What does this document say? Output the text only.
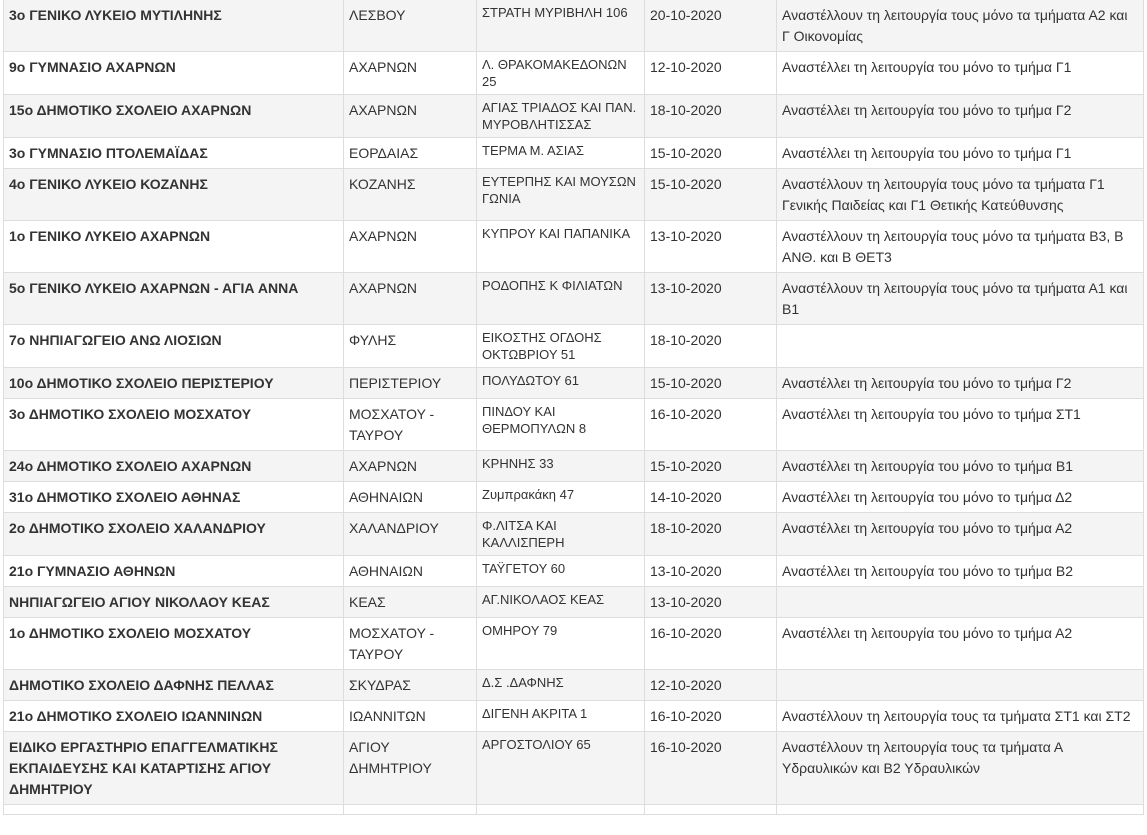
3ο ΓΕΝΙΚΟ ΛΥΚΕΙΟ ΜΥΤΙΛΗΝΗΣ	ΛΕΣΒΟΥ	ΣΤΡΑΤΗ ΜΥΡΙΒΗΛΗ 106	20-10-2020	Αναστέλλουν τη λειτουργία τους μόνο τα τμήματα Α2 και Γ Οικονομίας
9ο ΓΥΜΝΑΣΙΟ ΑΧΑΡΝΩΝ	ΑΧΑΡΝΩΝ	Λ. ΘΡΑΚΟΜΑΚΕΔΟΝΩΝ 25	12-10-2020	Αναστέλλει τη λειτουργία του μόνο το τμήμα Γ1
15ο ΔΗΜΟΤΙΚΟ ΣΧΟΛΕΙΟ ΑΧΑΡΝΩΝ	ΑΧΑΡΝΩΝ	ΑΓΙΑΣ ΤΡΙΑΔΟΣ ΚΑΙ ΠΑΝ. ΜΥΡΟΒΛΗΤΙΣΣΑΣ	18-10-2020	Αναστέλλει τη λειτουργία του μόνο το τμήμα Γ2
3ο ΓΥΜΝΑΣΙΟ ΠΤΟΛΕΜΑΪΔΑΣ	ΕΟΡΔΑΙΑΣ	ΤΕΡΜΑ Μ. ΑΣΙΑΣ	15-10-2020	Αναστέλλει τη λειτουργία του μόνο το τμήμα Γ1
4ο ΓΕΝΙΚΟ ΛΥΚΕΙΟ ΚΟΖΑΝΗΣ	ΚΟΖΑΝΗΣ	ΕΥΤΕΡΠΗΣ ΚΑΙ ΜΟΥΣΩΝ ΓΩΝΙΑ	15-10-2020	Αναστέλλουν τη λειτουργία τους μόνο τα τμήματα Γ1 Γενικής Παιδείας και Γ1 Θετικής Κατεύθυνσης
1ο ΓΕΝΙΚΟ ΛΥΚΕΙΟ ΑΧΑΡΝΩΝ	ΑΧΑΡΝΩΝ	ΚΥΠΡΟΥ ΚΑΙ ΠΑΠΑΝΙΚΑ	13-10-2020	Αναστέλλουν τη λειτουργία τους μόνο τα τμήματα Β3, Β ΑΝΘ. και Β ΘΕΤ3
5ο ΓΕΝΙΚΟ ΛΥΚΕΙΟ ΑΧΑΡΝΩΝ - ΑΓΙΑ ΑΝΝΑ	ΑΧΑΡΝΩΝ	ΡΟΔΟΠΗΣ Κ ΦΙΛΙΑΤΩΝ	13-10-2020	Αναστέλλουν τη λειτουργία τους μόνο τα τμήματα Α1 και Β1
7ο ΝΗΠΙΑΓΩΓΕΙΟ ΑΝΩ ΛΙΟΣΙΩΝ	ΦΥΛΗΣ	ΕΙΚΟΣΤΗΣ ΟΓΔΟΗΣ ΟΚΤΩΒΡΙΟΥ 51	18-10-2020	
10ο ΔΗΜΟΤΙΚΟ ΣΧΟΛΕΙΟ ΠΕΡΙΣΤΕΡΙΟΥ	ΠΕΡΙΣΤΕΡΙΟΥ	ΠΟΛΥΔΩΤΟΥ 61	15-10-2020	Αναστέλλει τη λειτουργία του μόνο το τμήμα Γ2
3ο ΔΗΜΟΤΙΚΟ ΣΧΟΛΕΙΟ ΜΟΣΧΑΤΟΥ	ΜΟΣΧΑΤΟΥ - ΤΑΥΡΟΥ	ΠΙΝΔΟΥ ΚΑΙ ΘΕΡΜΟΠΥΛΩΝ 8	16-10-2020	Αναστέλλει τη λειτουργία του μόνο το τμήμα ΣΤ1
24ο ΔΗΜΟΤΙΚΟ ΣΧΟΛΕΙΟ ΑΧΑΡΝΩΝ	ΑΧΑΡΝΩΝ	ΚΡΗΝΗΣ 33	15-10-2020	Αναστέλλει τη λειτουργία του μόνο το τμήμα Β1
31ο ΔΗΜΟΤΙΚΟ ΣΧΟΛΕΙΟ ΑΘΗΝΑΣ	ΑΘΗΝΑΙΩΝ	Ζυμπρακάκη 47	14-10-2020	Αναστέλλει τη λειτουργία του μόνο το τμήμα Δ2
2ο ΔΗΜΟΤΙΚΟ ΣΧΟΛΕΙΟ ΧΑΛΑΝΔΡΙΟΥ	ΧΑΛΑΝΔΡΙΟΥ	Φ.ΛΙΤΣΑ ΚΑΙ ΚΑΛΛΙΣΠΕΡΗ	18-10-2020	Αναστέλλει τη λειτουργία του μόνο το τμήμα Α2
21ο ΓΥΜΝΑΣΙΟ ΑΘΗΝΩΝ	ΑΘΗΝΑΙΩΝ	ΤΑΫΓΕΤΟΥ 60	13-10-2020	Αναστέλλει τη λειτουργία του μόνο το τμήμα Β2
ΝΗΠΙΑΓΩΓΕΙΟ ΑΓΙΟΥ ΝΙΚΟΛΑΟΥ ΚΕΑΣ	ΚΕΑΣ	ΑΓ.ΝΙΚΟΛΑΟΣ ΚΕΑΣ	13-10-2020	
1ο ΔΗΜΟΤΙΚΟ ΣΧΟΛΕΙΟ ΜΟΣΧΑΤΟΥ	ΜΟΣΧΑΤΟΥ - ΤΑΥΡΟΥ	ΟΜΗΡΟΥ 79	16-10-2020	Αναστέλλει τη λειτουργία του μόνο το τμήμα Α2
ΔΗΜΟΤΙΚΟ ΣΧΟΛΕΙΟ ΔΑΦΝΗΣ ΠΕΛΛΑΣ	ΣΚΥΔΡΑΣ	Δ.Σ .ΔΑΦΝΗΣ	12-10-2020	
21ο ΔΗΜΟΤΙΚΟ ΣΧΟΛΕΙΟ ΙΩΑΝΝΙΝΩΝ	ΙΩΑΝΝΙΤΩΝ	ΔΙΓΕΝΗ ΑΚΡΙΤΑ 1	16-10-2020	Αναστέλλουν τη λειτουργία τους τα τμήματα ΣΤ1 και ΣΤ2
ΕΙΔΙΚΟ ΕΡΓΑΣΤΗΡΙΟ ΕΠΑΓΓΕΛΜΑΤΙΚΗΣ ΕΚΠΑΙΔΕΥΣΗΣ ΚΑΙ ΚΑΤΑΡΤΙΣΗΣ ΑΓΙΟΥ ΔΗΜΗΤΡΙΟΥ	ΑΓΙΟΥ ΔΗΜΗΤΡΙΟΥ	ΑΡΓΟΣΤΟΛΙΟΥ 65	16-10-2020	Αναστέλλουν τη λειτουργία τους τα τμήματα Α Υδραυλικών και Β2 Υδραυλικών
